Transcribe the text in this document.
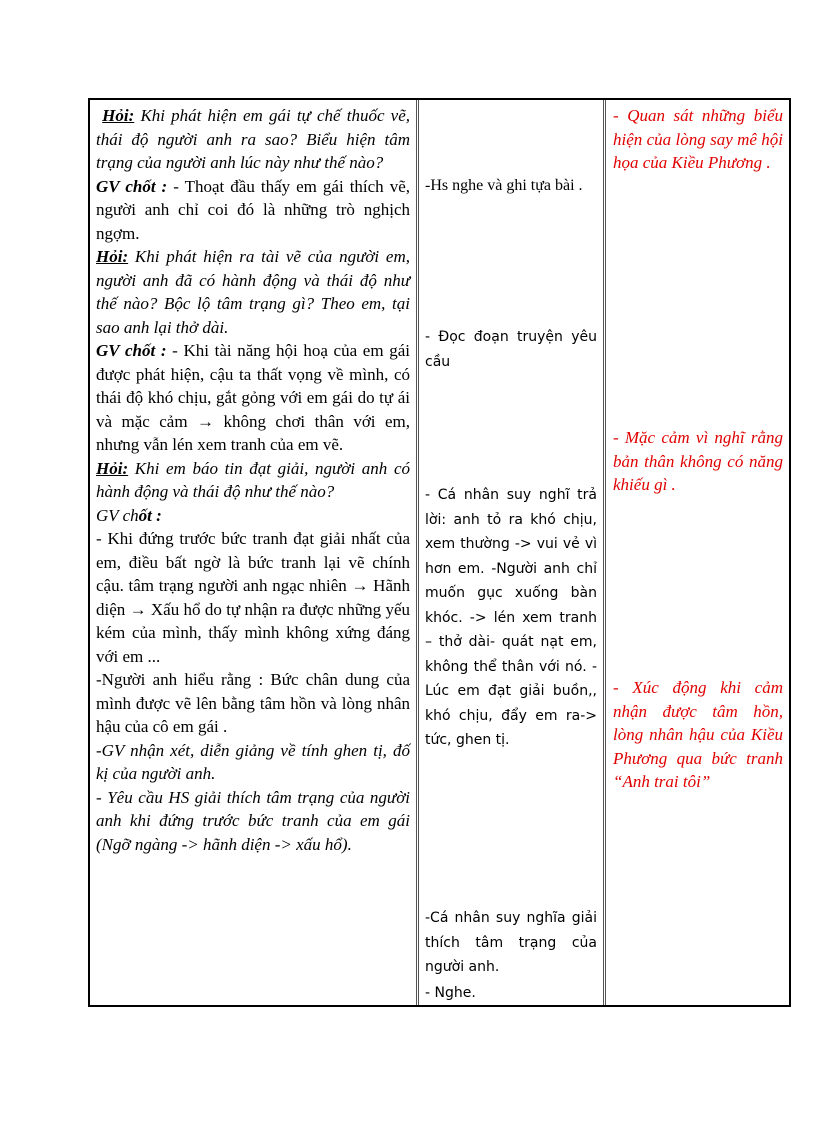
Hỏi: Khi phát hiện em gái tự chế thuốc vẽ, thái độ người anh ra sao? Biểu hiện tâm trạng của người anh lúc này như thế nào?

GV chốt : - Thoạt đầu thấy em gái thích vẽ, người anh chỉ coi đó là những trò nghịch ngợm.

Hỏi: Khi phát hiện ra tài vẽ của người em, người anh đã có hành động và thái độ như thế nào? Bộc lộ tâm trạng gì? Theo em, tại sao anh lại thở dài.

GV chốt : - Khi tài năng hội hoạ của em gái được phát hiện, cậu ta thất vọng về mình, có thái độ khó chịu, gắt gỏng với em gái do tự ái và mặc cảm → không chơi thân với em, nhưng vẫn lén xem tranh của em vẽ.

Hỏi: Khi em báo tin đạt giải, người anh có hành động và thái độ như thế nào?

GV chốt :

- Khi đứng trước bức tranh đạt giải nhất của em, điều bất ngờ là bức tranh lại vẽ chính cậu. tâm trạng người anh ngạc nhiên → Hãnh diện → Xấu hổ do tự nhận ra được những yếu kém của mình, thấy mình không xứng đáng với em ...

-Người anh hiểu rằng : Bức chân dung của mình được vẽ lên bằng tâm hồn và lòng nhân hậu của cô em gái .

-GV nhận xét, diễn giảng về tính ghen tị, đố kị của người anh.

- Yêu cầu HS giải thích tâm trạng của người anh khi đứng trước bức tranh của em gái (Ngỡ ngàng -> hãnh diện -> xấu hổ).

-Hs nghe và ghi tựa bài .
- Đọc đoạn truyện yêu cầu
- Cá nhân suy nghĩ trả lời: anh tỏ ra khó chịu, xem thường -> vui vẻ vì hơn em. -Người anh chỉ muốn gục xuống bàn khóc. -> lén xem tranh – thở dài- quát nạt em, không thể thân với nó. -Lúc em đạt giải buồn,, khó chịu, đẩy em ra-> tức, ghen tị.
-Cá nhân suy nghĩa giải thích tâm trạng của người anh.
- Nghe.
- Quan sát những biểu hiện của lòng say mê hội họa của Kiều Phương .
- Mặc cảm vì nghĩ rằng bản thân không có năng khiếu gì .
- Xúc động khi cảm nhận được tâm hồn, lòng nhân hậu của Kiều Phương qua bức tranh “Anh trai tôi”
